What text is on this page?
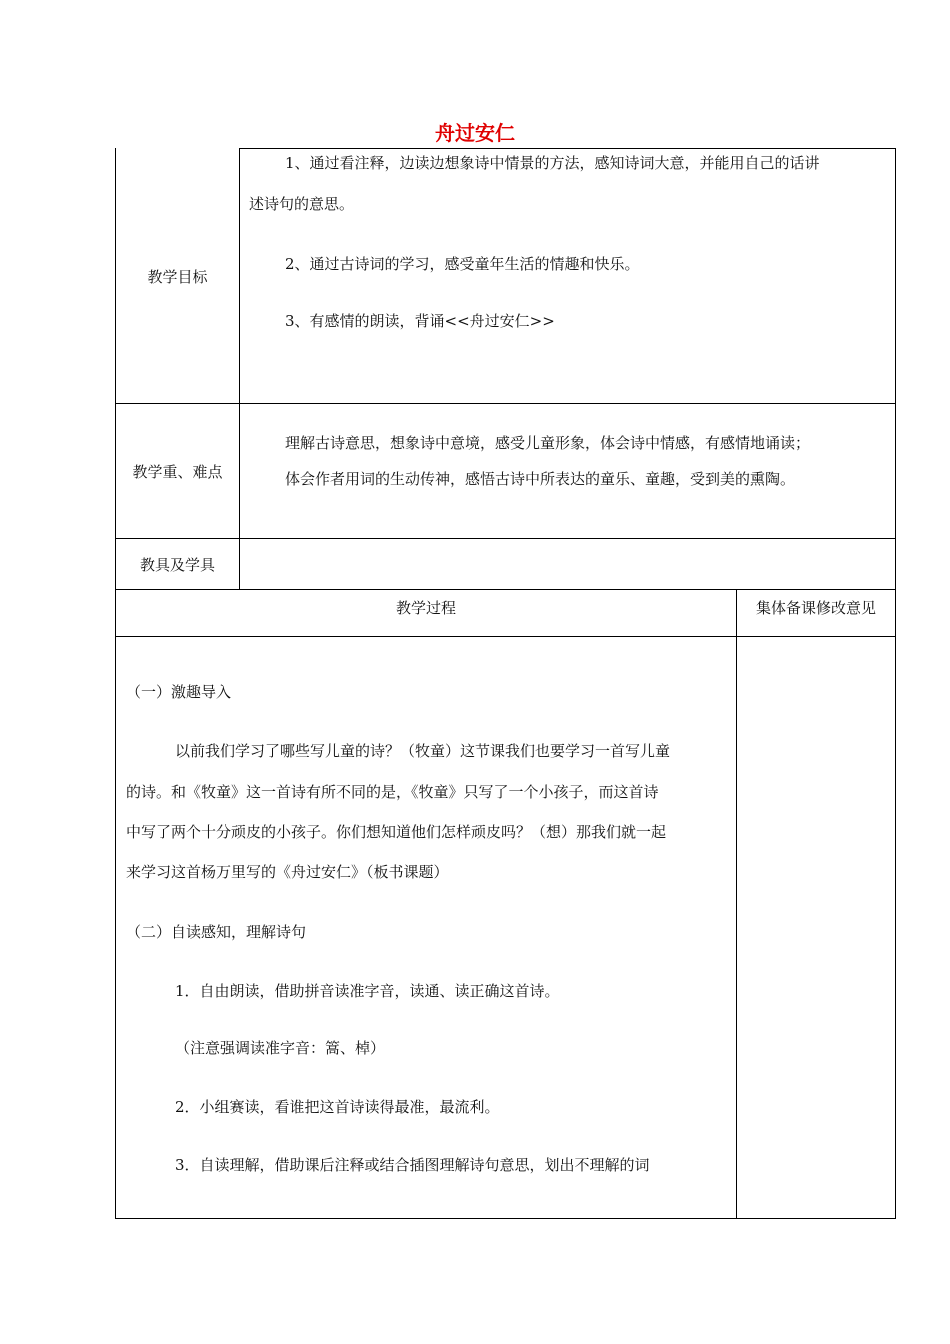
舟过安仁
教学目标
1、通过看注释，边读边想象诗中情景的方法，感知诗词大意，并能用自己的话讲
述诗句的意思。
2、通过古诗词的学习，感受童年生活的情趣和快乐。
3、有感情的朗读，背诵<<舟过安仁>>
教学重、难点
理解古诗意思，想象诗中意境，感受儿童形象，体会诗中情感，有感情地诵读；
体会作者用词的生动传神，感悟古诗中所表达的童乐、童趣，受到美的熏陶。
教具及学具
教学过程	集体备课修改意见
（一）激趣导入
以前我们学习了哪些写儿童的诗？（牧童）这节课我们也要学习一首写儿童
的诗。和《牧童》这一首诗有所不同的是，《牧童》只写了一个小孩子，而这首诗
中写了两个十分顽皮的小孩子。你们想知道他们怎样顽皮吗？（想）那我们就一起
来学习这首杨万里写的《舟过安仁》（板书课题）
（二）自读感知，理解诗句
1．自由朗读，借助拼音读准字音，读通、读正确这首诗。
（注意强调读准字音：篙、棹）
2．小组赛读，看谁把这首诗读得最准，最流利。
3．自读理解，借助课后注释或结合插图理解诗句意思，划出不理解的词
